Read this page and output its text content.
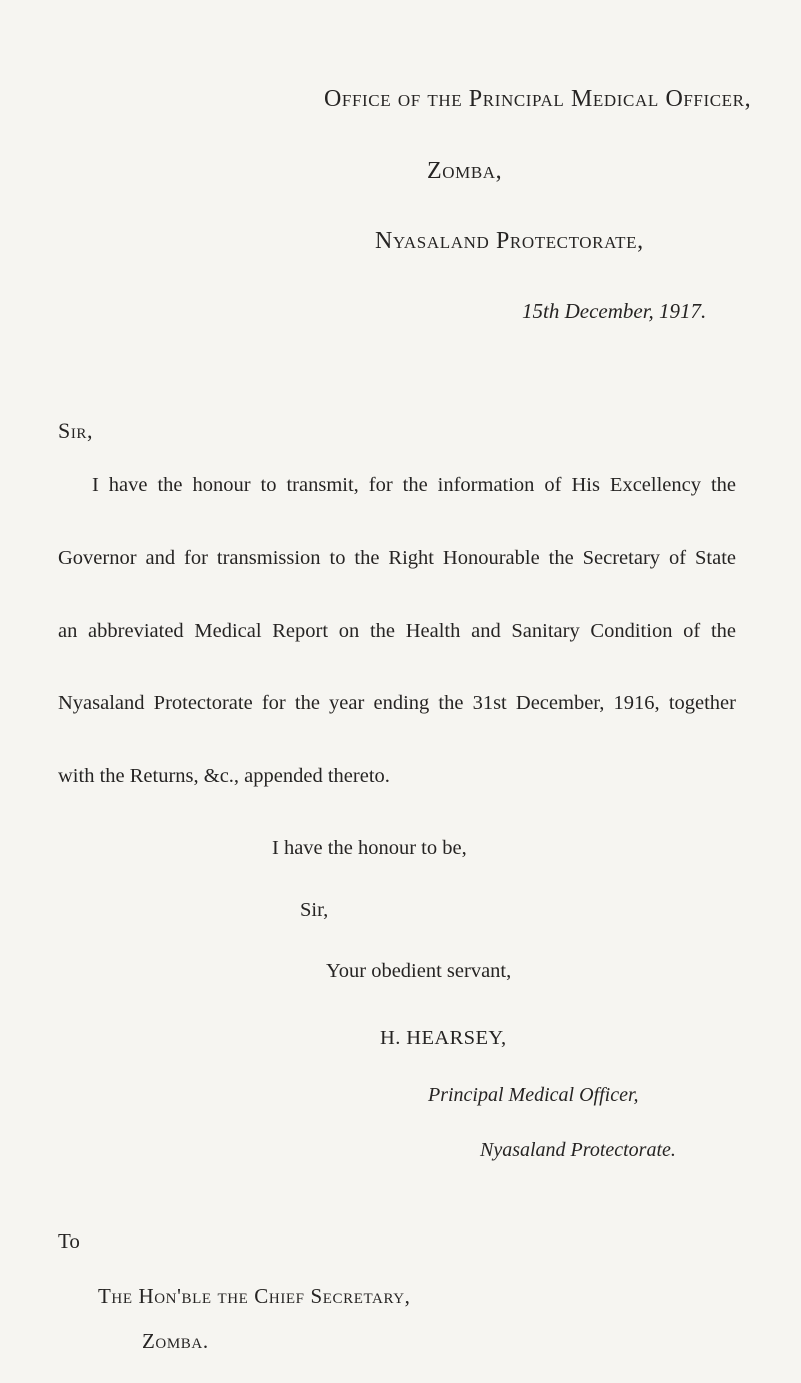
Office of the Principal Medical Officer,
Zomba,
Nyasaland Protectorate,
15th December, 1917.
Sir,
I have the honour to transmit, for the information of His Excellency the
Governor and for transmission to the Right Honourable the Secretary of State
an abbreviated Medical Report on the Health and Sanitary Condition of the
Nyasaland Protectorate for the year ending the 31st December, 1916, together
with the Returns, &c., appended thereto.
I have the honour to be,
Sir,
Your obedient servant,
H. HEARSEY,
Principal Medical Officer,
Nyasaland Protectorate.
To
The Hon'ble the Chief Secretary,
Zomba.
